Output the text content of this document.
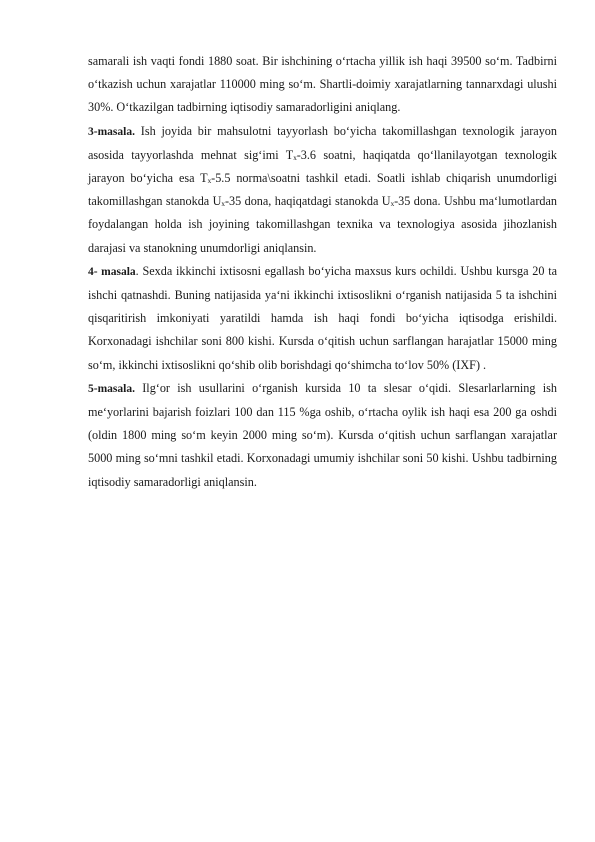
samarali ish vaqti fondi 1880 soat. Bir ishchining o‘rtacha yillik ish haqi 39500 so‘m. Tadbirni o‘tkazish uchun xarajatlar 110000 ming so‘m. Shartli-doimiy xarajatlarning tannarxdagi ulushi 30%. O‘tkazilgan tadbirning iqtisodiy samaradorligini aniqlang.

3-masala. Ish joyida bir mahsulotni tayyorlash bo‘yicha takomillashgan texnologik jarayon asosida tayyorlashda mehnat sig‘imi Tₓ-3.6 soatni, haqiqatda qo‘llanilayotgan texnologik jarayon bo‘yicha esa Tₓ-5.5 norma\soatni tashkil etadi. Soatli ishlab chiqarish unumdorligi takomillashgan stanokda Uₓ-35 dona, haqiqatdagi stanokda Uₓ-35 dona. Ushbu ma‘lumotlardan foydalangan holda ish joyining takomillashgan texnika va texnologiya asosida jihozlanish darajasi va stanokning unumdorligi aniqlansin.

4- masala. Sexda ikkinchi ixtisosni egallash bo‘yicha maxsus kurs ochildi. Ushbu kursga 20 ta ishchi qatnashdi. Buning natijasida ya‘ni ikkinchi ixtisoslikni o‘rganish natijasida 5 ta ishchini qisqaritirish imkoniyati yaratildi hamda ish haqi fondi bo‘yicha iqtisodga erishildi. Korxonadagi ishchilar soni 800 kishi. Kursda o‘qitish uchun sarflangan harajatlar 15000 ming so‘m, ikkinchi ixtisoslikni qo‘shib olib borishdagi qo‘shimcha to‘lov 50% (IXF) .

5-masala. Ilg‘or ish usullarini o‘rganish kursida 10 ta slesar o‘qidi. Slesarlarlarning ish me‘yorlarini bajarish foizlari 100 dan 115 %ga oshib, o‘rtacha oylik ish haqi esa 200 ga oshdi (oldin 1800 ming so‘m keyin 2000 ming so‘m). Kursda o‘qitish uchun sarflangan xarajatlar 5000 ming so‘mni tashkil etadi. Korxonadagi umumiy ishchilar soni 50 kishi. Ushbu tadbirning iqtisodiy samaradorligi aniqlansin.
